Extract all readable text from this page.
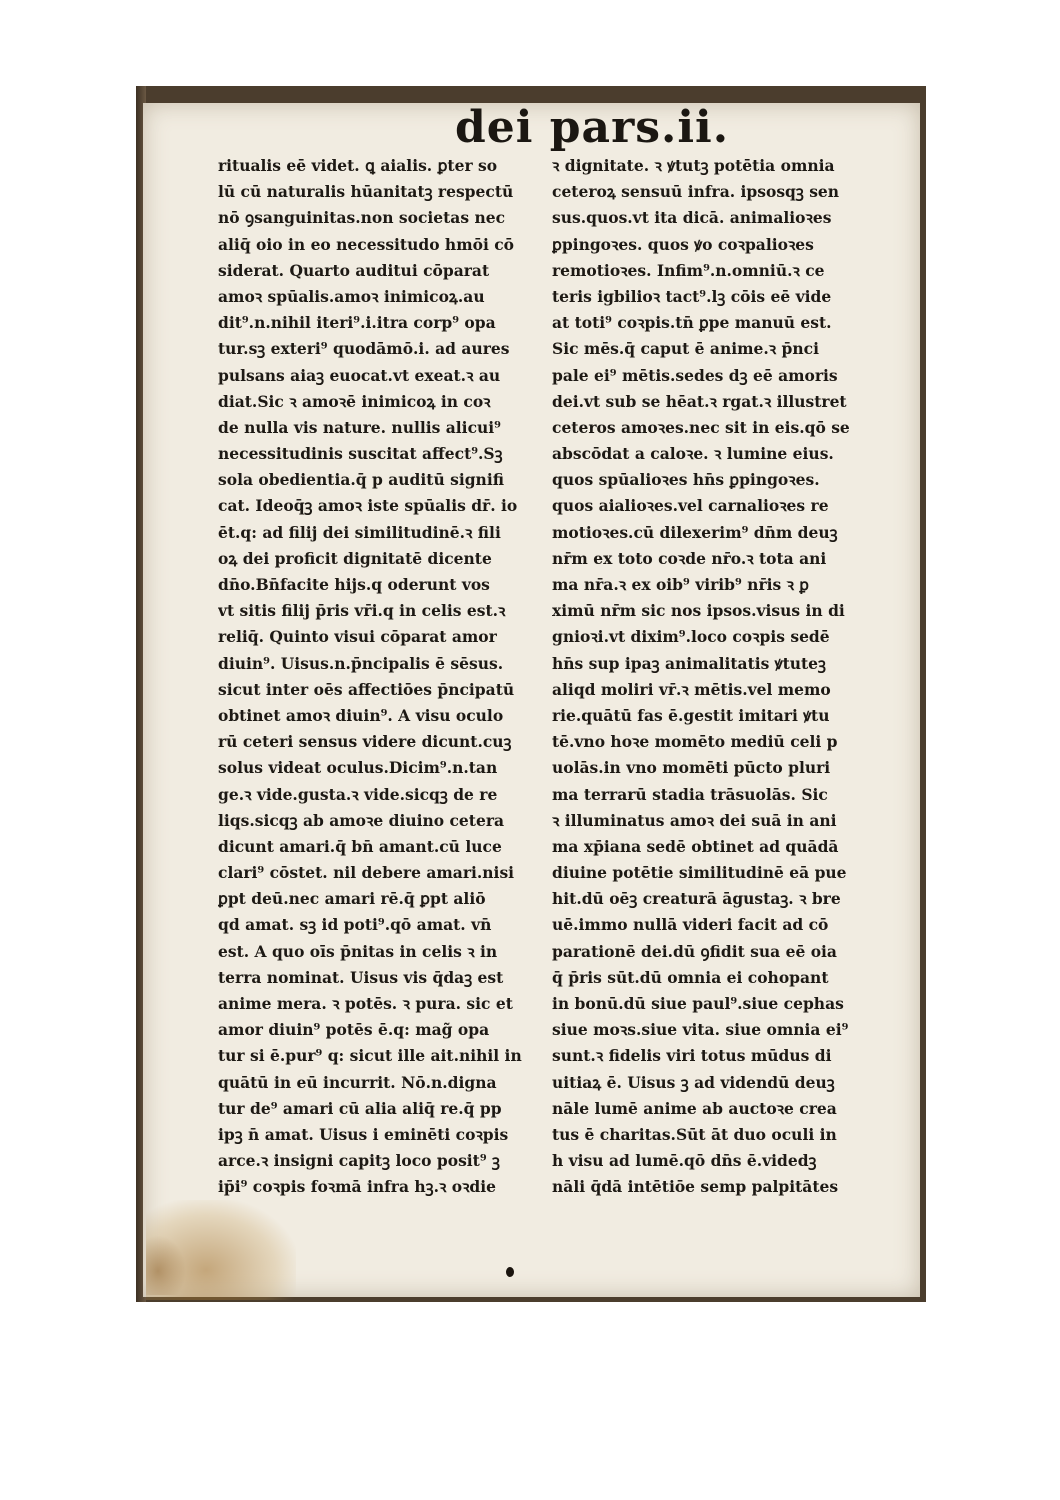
dei pars.ii.
ritualis eē videt. ꝗ aialis. ꝑter so
lū cū naturalis hūanitatꝫ respectū
nō ꝯsanguinitas.non societas nec
aliq̄ oio in eo necessitudo hmōi cō
siderat. Quarto auditui cōparat
amoꝛ spūalis.amoꝛ inimicoꝝ.au
dit⁹.n.nihil iteri⁹.i.itra corp⁹ opa
tur.sꝫ exteri⁹ quodāmō.i. ad aures
pulsans aiaꝫ euocat.vt exeat.ꝛ au
diat.Sic ꝛ amoꝛē inimicoꝝ in coꝛ
de nulla vis nature. nullis alicui⁹
necessitudinis suscitat affect⁹.Sꝫ
sola obedientia.q̄ p auditū signifi
cat. Ideoq̄ꝫ amoꝛ iste spūalis dr̄. io
ēt.q: ad filij dei similitudinē.ꝛ fili
oꝝ dei proficit dignitatē dicente
dn̄o.Bn̄facite hijs.q oderunt vos
vt sitis filij p̄ris vr̄i.q in celis est.ꝛ
reliq̄. Quinto visui cōparat amor
diuin⁹. Uisus.n.p̄ncipalis ē sēsus.
sicut inter oēs affectiōes p̄ncipatū
obtinet amoꝛ diuin⁹. A visu oculo
rū ceteri sensus videre dicunt.cuꝫ
solus videat oculus.Dicim⁹.n.tan
ge.ꝛ vide.gusta.ꝛ vide.sicqꝫ de re
liqs.sicqꝫ ab amoꝛe diuino cetera
dicunt amari.q̄ bn̄ amant.cū luce
clari⁹ cōstet. nil debere amari.nisi
ꝑpt deū.nec amari rē.q̄ ꝑpt aliō
qd amat. sꝫ id poti⁹.qō amat. vn̄
est. A quo oīs p̄nitas in celis ꝛ in
terra nominat. Uisus vis q̄daꝫ est
anime mera. ꝛ potēs. ꝛ pura. sic et
amor diuin⁹ potēs ē.q: mag̃ opa
tur si ē.pur⁹ q: sicut ille ait.nihil in
quātū in eū incurrit. Nō.n.digna
tur de⁹ amari cū alia aliq̄ re.q̄ pp
ipꝫ n̄ amat. Uisus i eminēti coꝛpis
arce.ꝛ insigni capitꝫ loco posit⁹ ꝫ
ip̄i⁹ coꝛpis foꝛmā infra hꝫ.ꝛ oꝛdie
ꝛ dignitate. ꝛ ꝟtutꝫ potētia omnia
ceteroꝝ sensuū infra. ipsosqꝫ sen
sus.quos.vt ita dicā. animalioꝛes
ꝑpingoꝛes. quos ꝟo coꝛpalioꝛes
remotioꝛes. Infim⁹.n.omniū.ꝛ ce
teris igbilioꝛ tact⁹.lꝫ cōis eē vide
at toti⁹ coꝛpis.tn̄ ꝑpe manuū est.
Sic mēs.q̄ caput ē anime.ꝛ p̄nci
pale ei⁹ mētis.sedes dꝫ eē amoris
dei.vt sub se hēat.ꝛ rgat.ꝛ illustret
ceteros amoꝛes.nec sit in eis.qō se
abscōdat a caloꝛe. ꝛ lumine eius.
quos spūalioꝛes hn̄s ꝑpingoꝛes.
quos aialioꝛes.vel carnalioꝛes re
motioꝛes.cū dilexerim⁹ dn̄m deuꝫ
nr̄m ex toto coꝛde nr̄o.ꝛ tota ani
ma nr̄a.ꝛ ex oib⁹ virib⁹ nr̄is ꝛ ꝑ
ximū nr̄m sic nos ipsos.visus in di
gnioꝛi.vt dixim⁹.loco coꝛpis sedē
hn̄s sup ipaꝫ animalitatis ꝟtuteꝫ
aliqd moliri vr̄.ꝛ mētis.vel memo
rie.quātū fas ē.gestit imitari ꝟtu
tē.vno hoꝛe momēto mediū celi p
uolās.in vno momēti pūcto pluri
ma terrarū stadia trāsuolās. Sic
ꝛ illuminatus amoꝛ dei suā in ani
ma xp̄iana sedē obtinet ad quādā
diuine potētie similitudinē eā pue
hit.dū oēꝫ creaturā āgustaꝫ. ꝛ bre
uē.immo nullā videri facit ad cō
parationē dei.dū ꝯfidit sua eē oia
q̄ p̄ris sūt.dū omnia ei cohopant
in bonū.dū siue paul⁹.siue cephas
siue moꝛs.siue vita. siue omnia ei⁹
sunt.ꝛ fidelis viri totus mūdus di
uitiaꝝ ē. Uisus ꝫ ad videndū deuꝫ
nāle lumē anime ab auctoꝛe crea
tus ē charitas.Sūt āt duo oculi in
h visu ad lumē.qō dn̄s ē.videdꝫ
nāli q̄dā intētiōe semp palpitātes
